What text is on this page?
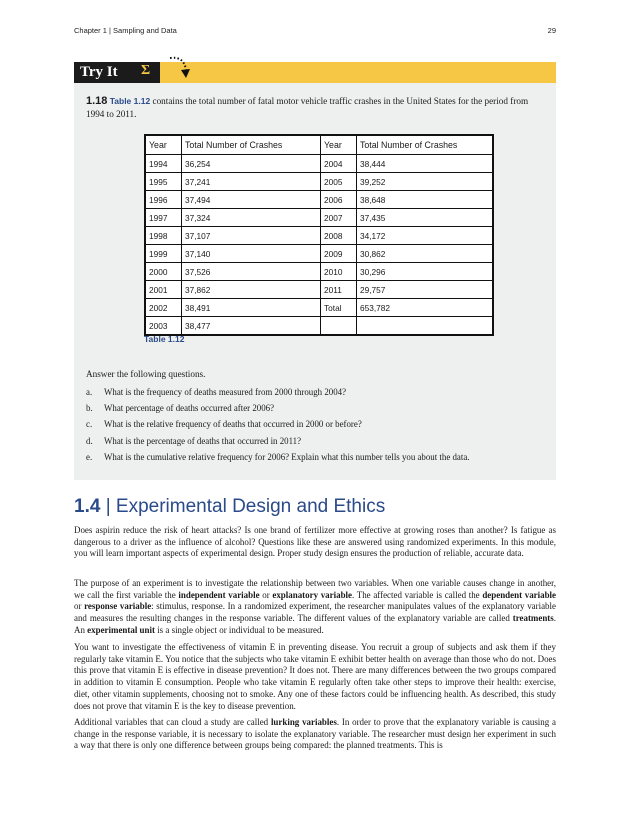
Chapter 1 | Sampling and Data	29
Try It	Σ
1.18 Table 1.12 contains the total number of fatal motor vehicle traffic crashes in the United States for the period from 1994 to 2011.
Year	Total Number of Crashes	Year	Total Number of Crashes
1994	36,254	2004	38,444
1995	37,241	2005	39,252
1996	37,494	2006	38,648
1997	37,324	2007	37,435
1998	37,107	2008	34,172
1999	37,140	2009	30,862
2000	37,526	2010	30,296
2001	37,862	2011	29,757
2002	38,491	Total	653,782
2003	38,477		
Table 1.12
Answer the following questions.
a.	What is the frequency of deaths measured from 2000 through 2004?
b.	What percentage of deaths occurred after 2006?
c.	What is the relative frequency of deaths that occurred in 2000 or before?
d.	What is the percentage of deaths that occurred in 2011?
e.	What is the cumulative relative frequency for 2006? Explain what this number tells you about the data.
1.4 | Experimental Design and Ethics
Does aspirin reduce the risk of heart attacks? Is one brand of fertilizer more effective at growing roses than another? Is fatigue as dangerous to a driver as the influence of alcohol? Questions like these are answered using randomized experiments. In this module, you will learn important aspects of experimental design. Proper study design ensures the production of reliable, accurate data.
The purpose of an experiment is to investigate the relationship between two variables. When one variable causes change in another, we call the first variable the independent variable or explanatory variable. The affected variable is called the dependent variable or response variable: stimulus, response. In a randomized experiment, the researcher manipulates values of the explanatory variable and measures the resulting changes in the response variable. The different values of the explanatory variable are called treatments. An experimental unit is a single object or individual to be measured.
You want to investigate the effectiveness of vitamin E in preventing disease. You recruit a group of subjects and ask them if they regularly take vitamin E. You notice that the subjects who take vitamin E exhibit better health on average than those who do not. Does this prove that vitamin E is effective in disease prevention? It does not. There are many differences between the two groups compared in addition to vitamin E consumption. People who take vitamin E regularly often take other steps to improve their health: exercise, diet, other vitamin supplements, choosing not to smoke. Any one of these factors could be influencing health. As described, this study does not prove that vitamin E is the key to disease prevention.
Additional variables that can cloud a study are called lurking variables. In order to prove that the explanatory variable is causing a change in the response variable, it is necessary to isolate the explanatory variable. The researcher must design her experiment in such a way that there is only one difference between groups being compared: the planned treatments. This is
